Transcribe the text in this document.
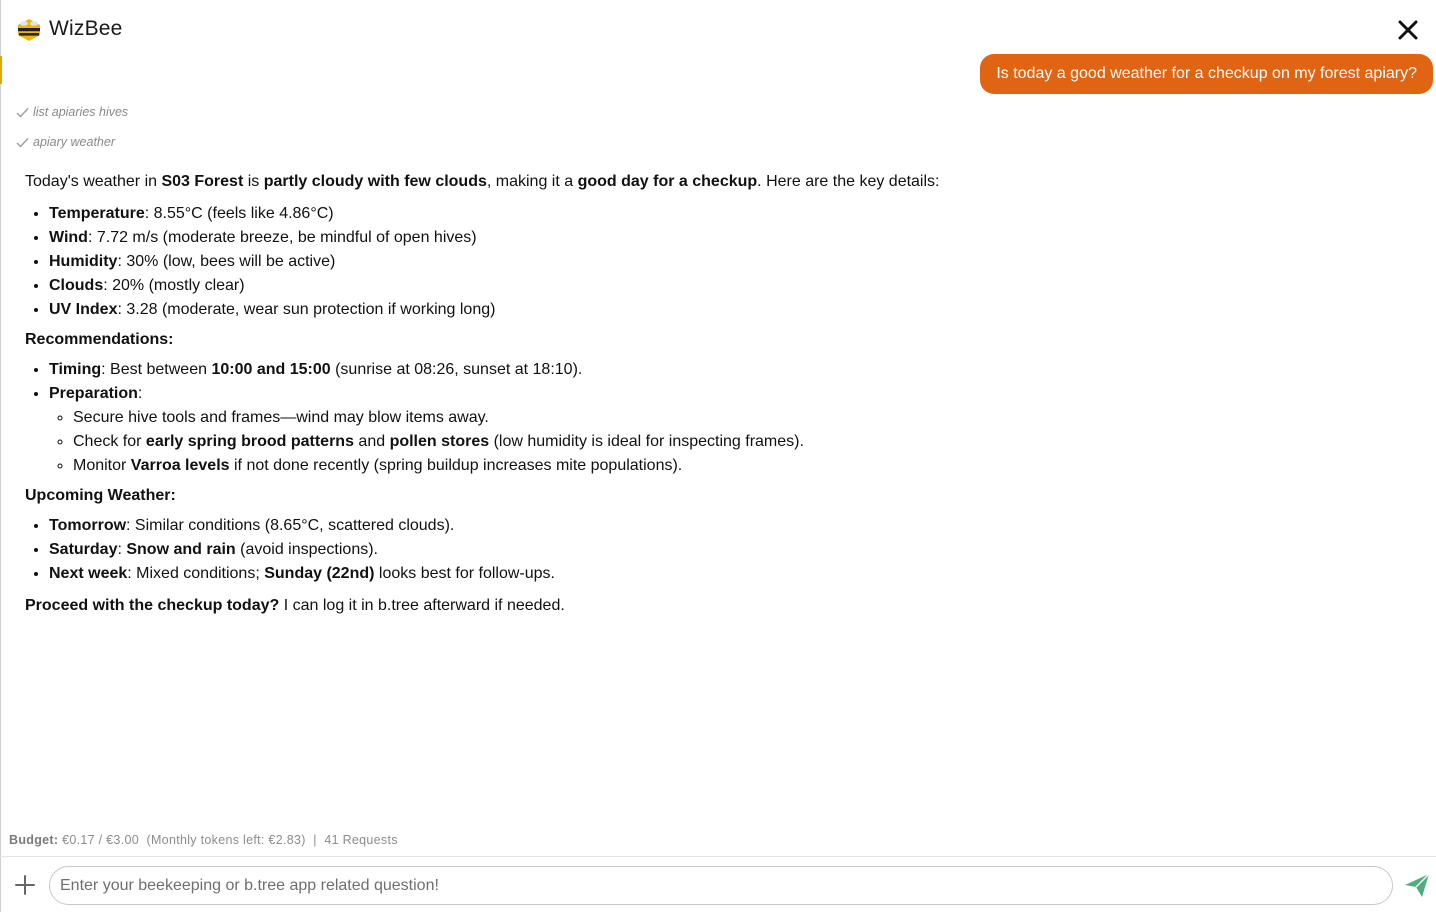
WizBee
Is today a good weather for a checkup on my forest apiary?
list apiaries hives
apiary weather

Today's weather in S03 Forest is partly cloudy with few clouds, making it a good day for a checkup. Here are the key details:

• Temperature: 8.55°C (feels like 4.86°C)
• Wind: 7.72 m/s (moderate breeze, be mindful of open hives)
• Humidity: 30% (low, bees will be active)
• Clouds: 20% (mostly clear)
• UV Index: 3.28 (moderate, wear sun protection if working long)

Recommendations:

• Timing: Best between 10:00 and 15:00 (sunrise at 08:26, sunset at 18:10).
• Preparation:
◦ Secure hive tools and frames—wind may blow items away.
◦ Check for early spring brood patterns and pollen stores (low humidity is ideal for inspecting frames).
◦ Monitor Varroa levels if not done recently (spring buildup increases mite populations).

Upcoming Weather:

• Tomorrow: Similar conditions (8.65°C, scattered clouds).
• Saturday: Snow and rain (avoid inspections).
• Next week: Mixed conditions; Sunday (22nd) looks best for follow-ups.

Proceed with the checkup today? I can log it in b.tree afterward if needed.

Budget: €0.17 / €3.00  (Monthly tokens left: €2.83)  |  41 Requests
Enter your beekeeping or b.tree app related question!
